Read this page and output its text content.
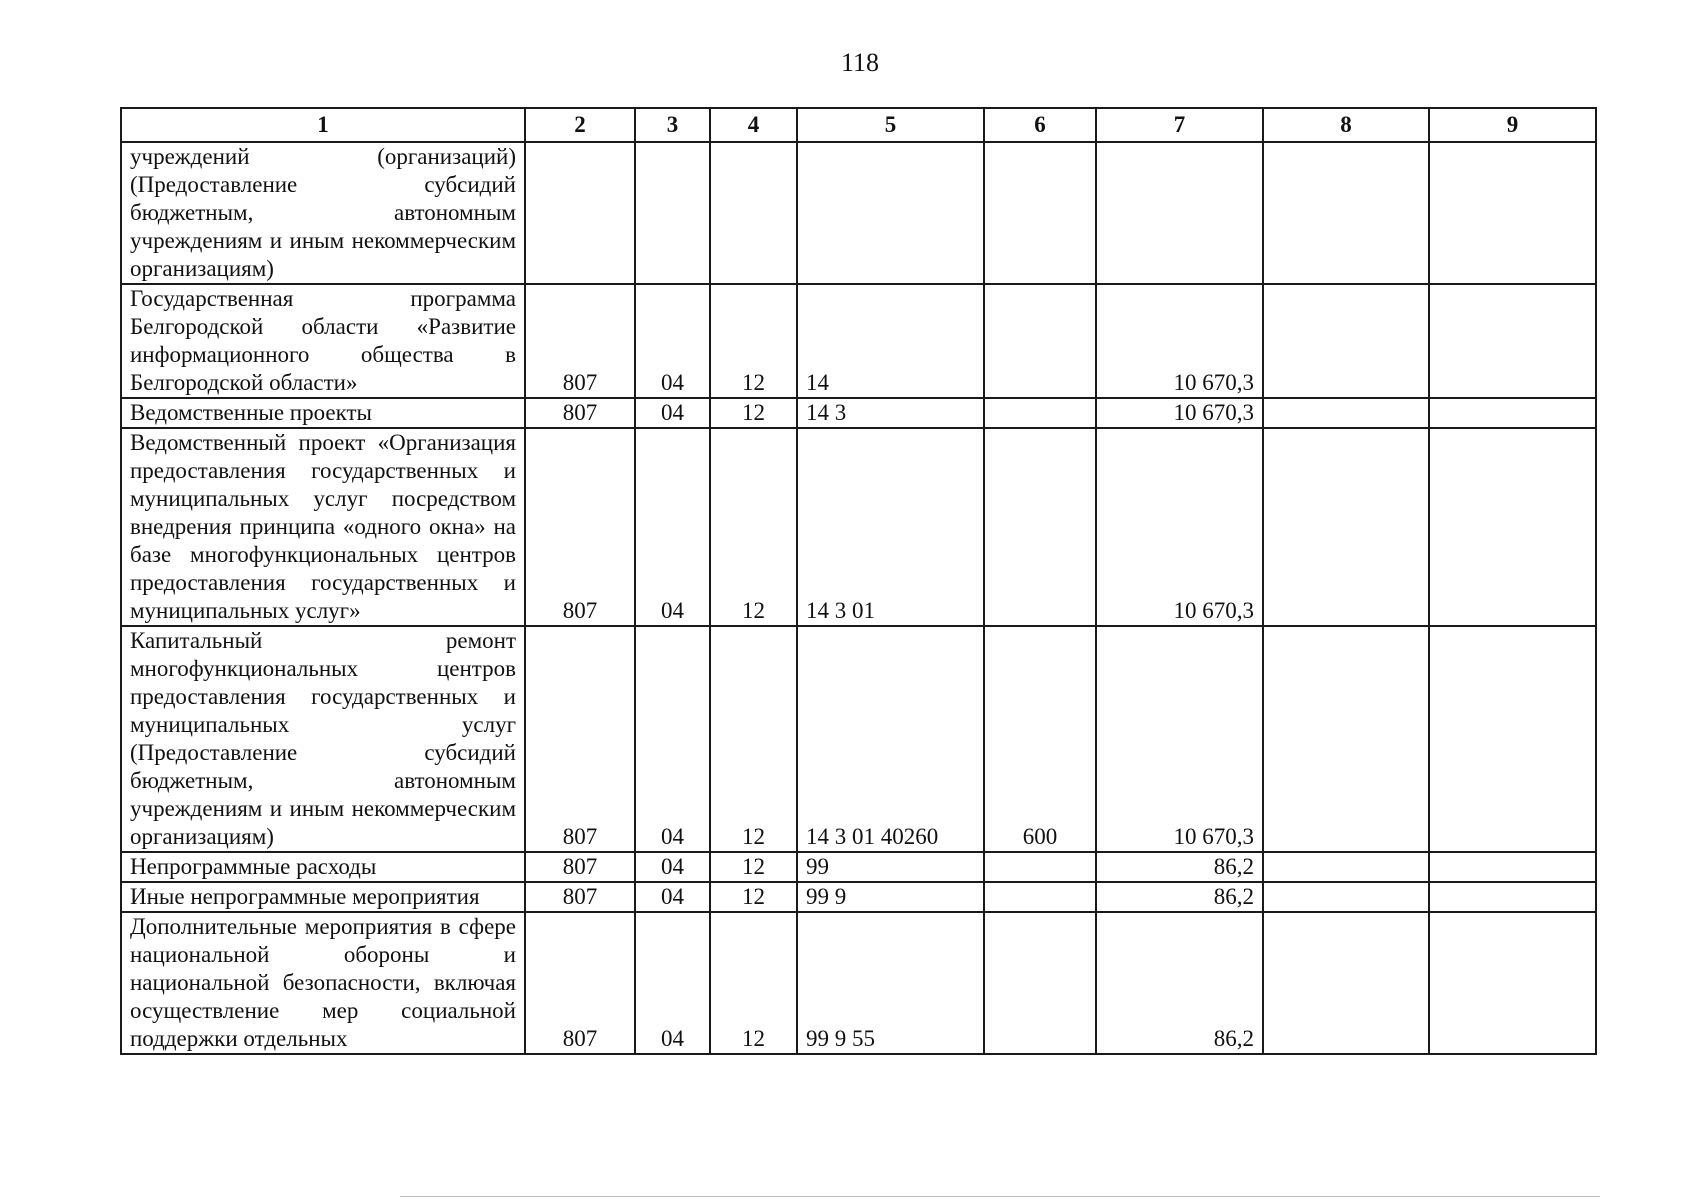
118
1	2	3	4	5	6	7	8	9
учреждений (организаций) (Предоставление субсидий бюджетным, автономным учреждениям и иным некоммерческим организациям)								
Государственная программа Белгородской области «Развитие информационного общества в Белгородской области»	807	04	12	14		10 670,3		
Ведомственные проекты	807	04	12	14 3		10 670,3		
Ведомственный проект «Организация предоставления государственных и муниципальных услуг посредством внедрения принципа «одного окна» на базе многофункциональных центров предоставления государственных и муниципальных услуг»	807	04	12	14 3 01		10 670,3		
Капитальный ремонт многофункциональных центров предоставления государственных и муниципальных услуг (Предоставление субсидий бюджетным, автономным учреждениям и иным некоммерческим организациям)	807	04	12	14 3 01 40260	600	10 670,3		
Непрограммные расходы	807	04	12	99		86,2		
Иные непрограммные мероприятия	807	04	12	99 9		86,2		
Дополнительные мероприятия в сфере национальной обороны и национальной безопасности, включая осуществление мер социальной поддержки отдельных	807	04	12	99 9 55		86,2		
